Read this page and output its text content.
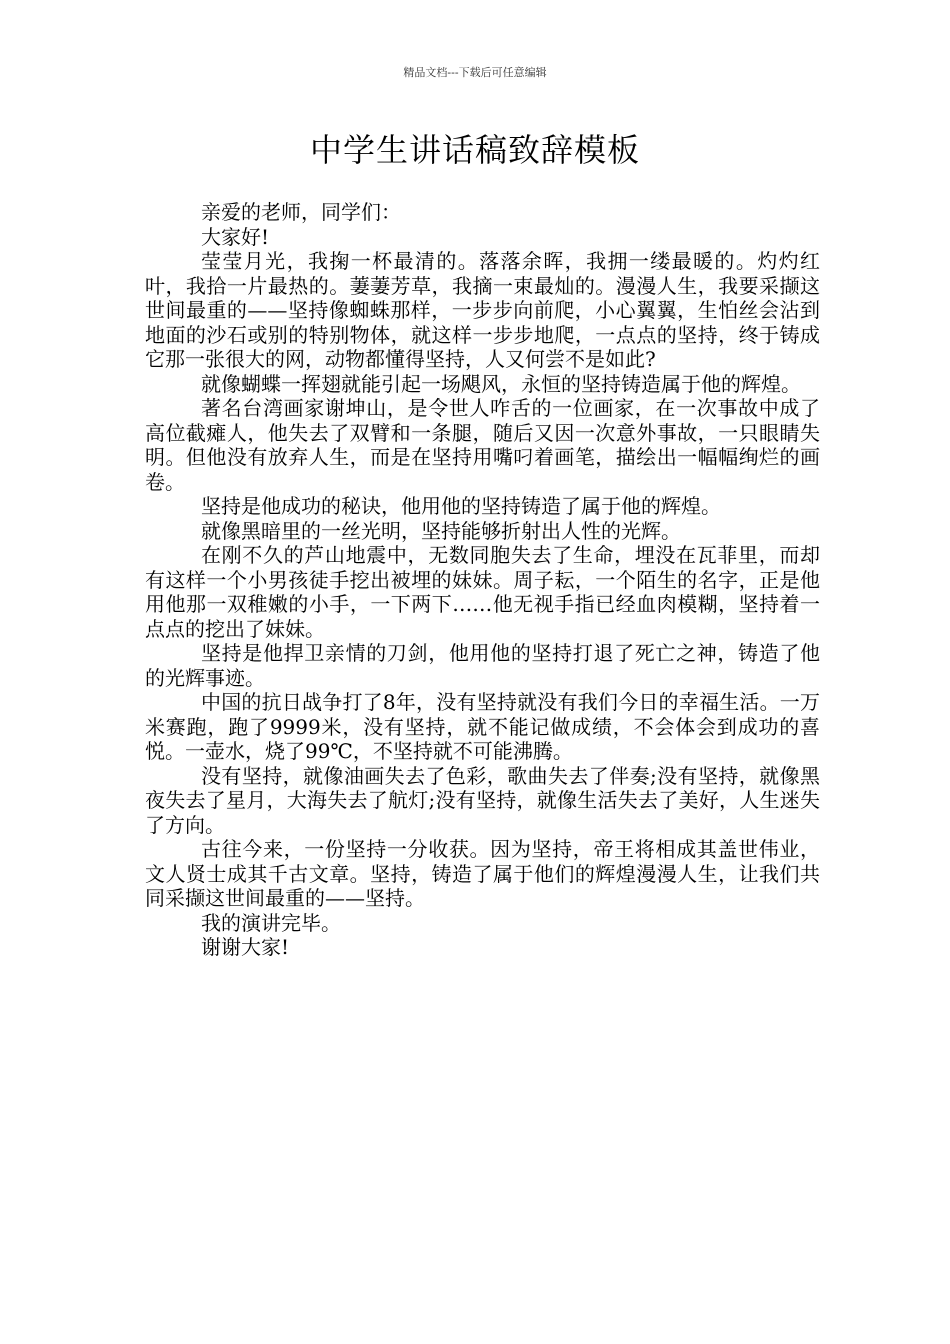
精品文档---下载后可任意编辑
中学生讲话稿致辞模板

亲爱的老师，同学们：

大家好!

莹莹月光，我掬一杯最清的。落落余晖，我拥一缕最暖的。灼灼红叶，我拾一片最热的。萋萋芳草，我摘一束最灿的。漫漫人生，我要采撷这世间最重的——坚持像蜘蛛那样，一步步向前爬，小心翼翼，生怕丝会沾到地面的沙石或别的特别物体，就这样一步步地爬，一点点的坚持，终于铸成它那一张很大的网，动物都懂得坚持，人又何尝不是如此?

就像蝴蝶一挥翅就能引起一场飓风，永恒的坚持铸造属于他的辉煌。

著名台湾画家谢坤山，是令世人咋舌的一位画家，在一次事故中成了高位截瘫人，他失去了双臂和一条腿，随后又因一次意外事故，一只眼睛失明。但他没有放弃人生，而是在坚持用嘴叼着画笔，描绘出一幅幅绚烂的画卷。

坚持是他成功的秘诀，他用他的坚持铸造了属于他的辉煌。

就像黑暗里的一丝光明，坚持能够折射出人性的光辉。

在刚不久的芦山地震中，无数同胞失去了生命，埋没在瓦菲里，而却有这样一个小男孩徒手挖出被埋的妹妹。周子耘，一个陌生的名字，正是他用他那一双稚嫩的小手，一下两下……他无视手指已经血肉模糊，坚持着一点点的挖出了妹妹。

坚持是他捍卫亲情的刀剑，他用他的坚持打退了死亡之神，铸造了他的光辉事迹。

中国的抗日战争打了8年，没有坚持就没有我们今日的幸福生活。一万米赛跑，跑了9999米，没有坚持，就不能记做成绩，不会体会到成功的喜悦。一壶水，烧了99℃，不坚持就不可能沸腾。

没有坚持，就像油画失去了色彩，歌曲失去了伴奏;没有坚持，就像黑夜失去了星月，大海失去了航灯;没有坚持，就像生活失去了美好，人生迷失了方向。

古往今来，一份坚持一分收获。因为坚持，帝王将相成其盖世伟业，文人贤士成其千古文章。坚持，铸造了属于他们的辉煌漫漫人生，让我们共同采撷这世间最重的——坚持。

我的演讲完毕。

谢谢大家!
